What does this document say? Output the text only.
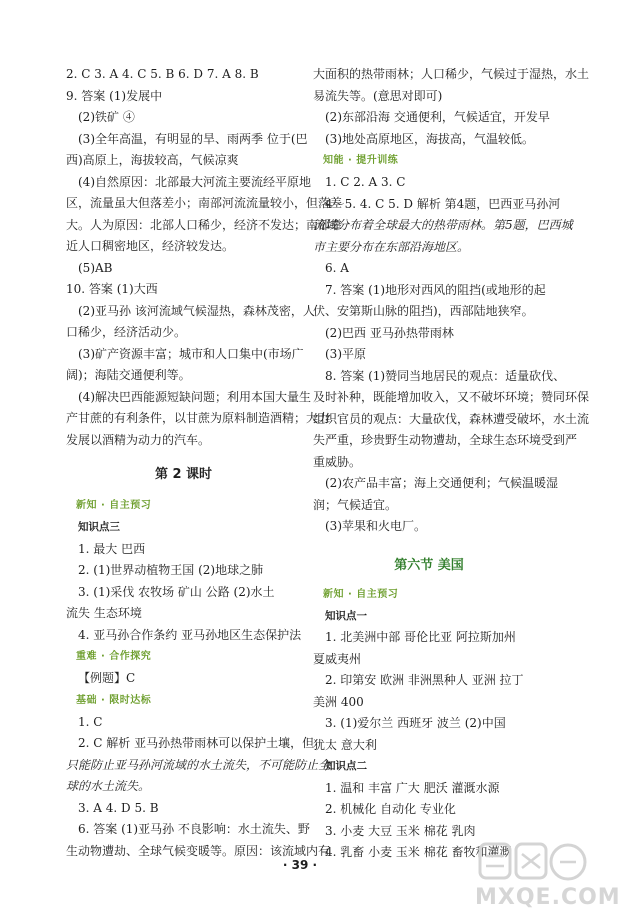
2. C 3. A 4. C 5. B 6. D 7. A 8. B
9. 答案 (1)发展中
(2)铁矿 ④
(3)全年高温，有明显的旱、雨两季 位于(巴
西)高原上，海拔较高，气候凉爽
(4)自然原因：北部最大河流主要流经平原地
区，流量虽大但落差小；南部河流流量较小，但落差
大。人为原因：北部人口稀少，经济不发达；南部靠
近人口稠密地区，经济较发达。
(5)AB
10. 答案 (1)大西
(2)亚马孙 该河流域气候湿热，森林茂密，人
口稀少，经济活动少。
(3)矿产资源丰富；城市和人口集中(市场广
阔)；海陆交通便利等。
(4)解决巴西能源短缺问题；利用本国大量生
产甘蔗的有利条件，以甘蔗为原料制造酒精；大力
发展以酒精为动力的汽车。
第 2 课时
新知 · 自主预习
知识点三
1. 最大 巴西
2. (1)世界动植物王国 (2)地球之肺
3. (1)采伐 农牧场 矿山 公路 (2)水土
流失 生态环境
4. 亚马孙合作条约 亚马孙地区生态保护法
重难 · 合作探究
【例题】C
基础 · 限时达标
1. C
2. C 解析 亚马孙热带雨林可以保护土壤，但
只能防止亚马孙河流域的水土流失，不可能防止全
球的水土流失。
3. A 4. D 5. B
6. 答案 (1)亚马孙 不良影响：水土流失、野
生动物遭劫、全球气候变暖等。原因：该流域内有
大面积的热带雨林；人口稀少，气候过于湿热，水土
易流失等。(意思对即可)
(2)东部沿海 交通便利，气候适宜，开发早
(3)地处高原地区，海拔高，气温较低。
知能 · 提升训练
1. C 2. A 3. C
4～5. 4. C 5. D 解析 第4题，巴西亚马孙河
流域分布着全球最大的热带雨林。第5题，巴西城
市主要分布在东部沿海地区。
6. A
7. 答案 (1)地形对西风的阻挡(或地形的起
伏、安第斯山脉的阻挡)，西部陆地狭窄。
(2)巴西 亚马孙热带雨林
(3)平原
8. 答案 (1)赞同当地居民的观点：适量砍伐、
及时补种，既能增加收入，又不破坏环境；赞同环保
组织官员的观点：大量砍伐，森林遭受破坏，水土流
失严重，珍贵野生动物遭劫，全球生态环境受到严
重威胁。
(2)农产品丰富；海上交通便利；气候温暖湿
润；气候适宜。
(3)苹果和火电厂。
第六节 美国
新知 · 自主预习
知识点一
1. 北美洲中部 哥伦比亚 阿拉斯加州
夏威夷州
2. 印第安 欧洲 非洲黑种人 亚洲 拉丁
美洲 400
3. (1)爱尔兰 西班牙 波兰 (2)中国
犹太 意大利
知识点二
1. 温和 丰富 广大 肥沃 灌溉水源
2. 机械化 自动化 专业化
3. 小麦 大豆 玉米 棉花 乳肉
4. 乳畜 小麦 玉米 棉花 畜牧和灌溉
· 39 ·
MXQE.COM
